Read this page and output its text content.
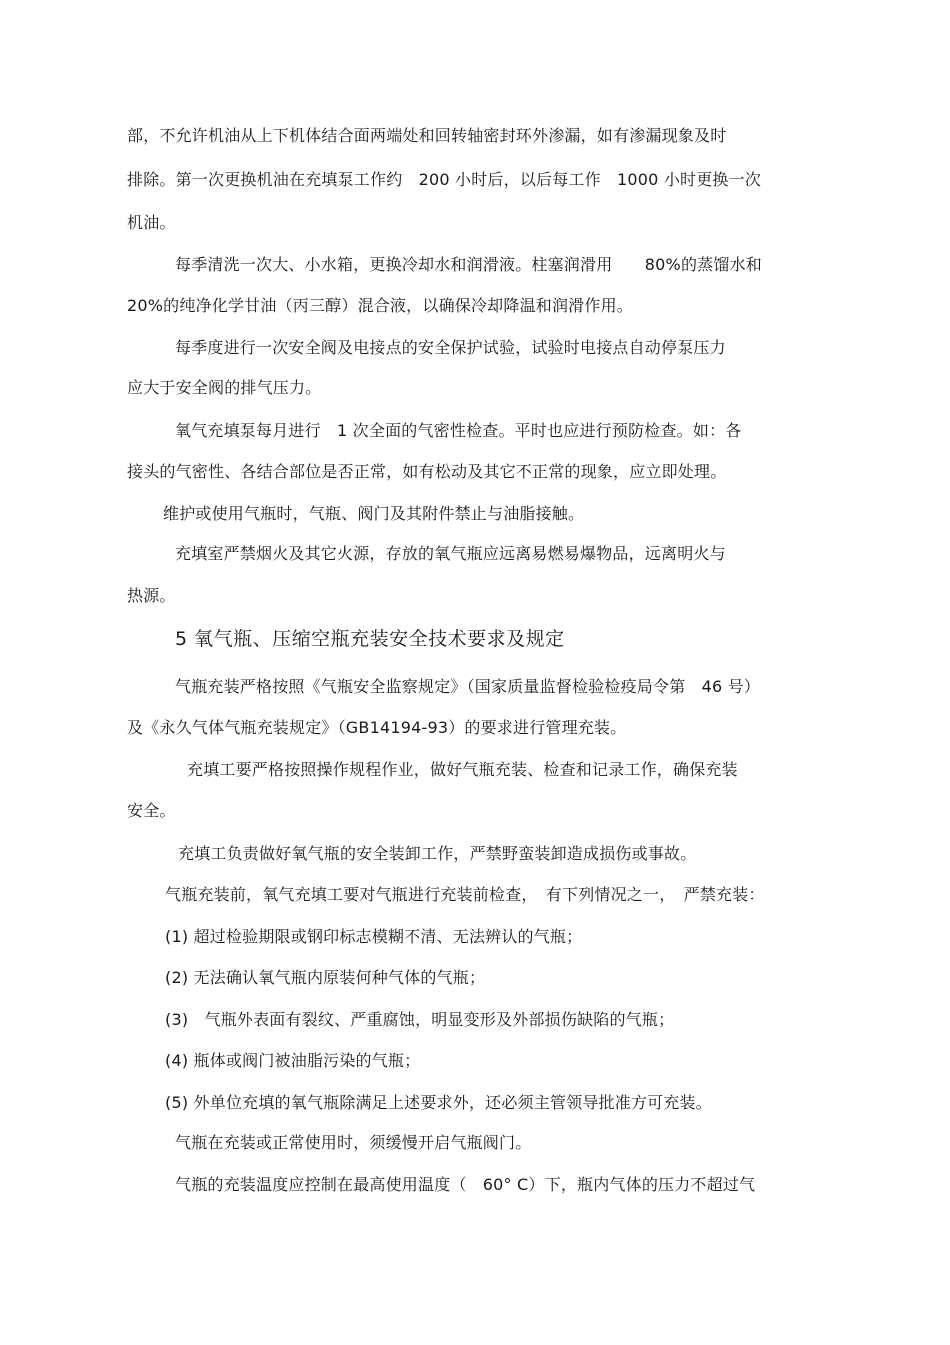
部，不允许机油从上下机体结合面两端处和回转轴密封环外渗漏，如有渗漏现象及时
排除。第一次更换机油在充填泵工作约　200 小时后，以后每工作　1000 小时更换一次
机油。
每季清洗一次大、小水箱，更换冷却水和润滑液。柱塞润滑用　　80%的蒸馏水和
20%的纯净化学甘油（丙三醇）混合液，以确保冷却降温和润滑作用。
每季度进行一次安全阀及电接点的安全保护试验，试验时电接点自动停泵压力
应大于安全阀的排气压力。
氧气充填泵每月进行　1 次全面的气密性检查。平时也应进行预防检查。如：各
接头的气密性、各结合部位是否正常，如有松动及其它不正常的现象，应立即处理。
维护或使用气瓶时，气瓶、阀门及其附件禁止与油脂接触。
充填室严禁烟火及其它火源，存放的氧气瓶应远离易燃易爆物品，远离明火与
热源。
5 氧气瓶、压缩空瓶充装安全技术要求及规定
气瓶充装严格按照《气瓶安全监察规定》（国家质量监督检验检疫局令第　46 号）
及《永久气体气瓶充装规定》（GB14194-93）的要求进行管理充装。
充填工要严格按照操作规程作业，做好气瓶充装、检查和记录工作，确保充装
安全。
充填工负责做好氧气瓶的安全装卸工作，严禁野蛮装卸造成损伤或事故。
气瓶充装前，氧气充填工要对气瓶进行充装前检查，　有下列情况之一，　严禁充装：
(1) 超过检验期限或钢印标志模糊不清、无法辨认的气瓶；
(2) 无法确认氧气瓶内原装何种气体的气瓶；
(3)　气瓶外表面有裂纹、严重腐蚀，明显变形及外部损伤缺陷的气瓶；
(4) 瓶体或阀门被油脂污染的气瓶；
(5) 外单位充填的氧气瓶除满足上述要求外，还必须主管领导批准方可充装。
气瓶在充装或正常使用时，须缓慢开启气瓶阀门。
气瓶的充装温度应控制在最高使用温度（　60° C）下，瓶内气体的压力不超过气
